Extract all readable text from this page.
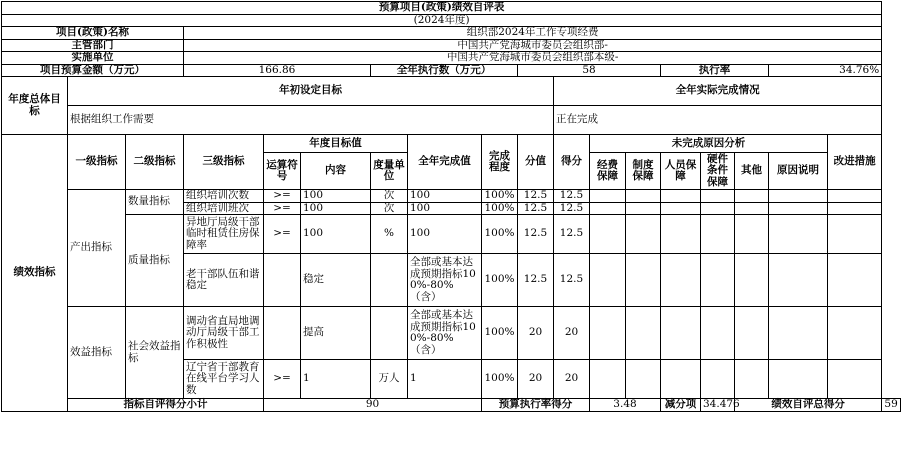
预算项目(政策)绩效自评表																		
(2024年度)																		
项目(政策)名称			组织部2024年工作专项经费															
主管部门			中国共产党海城市委员会组织部-															
实施单位			中国共产党海城市委员会组织部本级-															
项目预算金额（万元）			166.86			全年执行数（万元）			58				执行率			34.76%		
年度总体目标	年初设定目标									全年实际完成情况								
	根据组织工作需要									正在完成								
绩效指标	一级指标	二级指标	三级指标	年度目标值			全年完成值	完成程度	分值	得分	未完成原因分析						改进措施	
				运算符号	内容	度量单位					经费保障	制度保障	人员保障	硬件条件保障	其他	原因说明		
	产出指标	数量指标	组织培训次数	>=	100	次	100	100%	12.5	12.5								
			组织培训班次	>=	100	次	100	100%	12.5	12.5								
		质量指标	异地厅局级干部临时租赁住房保障率	>=	100	%	100	100%	12.5	12.5								
			老干部队伍和谐稳定		稳定		全部或基本达成预期指标100%-80%（含）	100%	12.5	12.5								
	效益指标	社会效益指标	调动省直局地调动厅局级干部工作积极性		提高		全部或基本达成预期指标100%-80%（含）	100%	20	20								
			辽宁省干部教育在线平台学习人数	>=	1	万人	1	100%	20	20								
	指标自评得分小计			90				预算执行率得分			3.48		减分项	34.476	绩效自评总得分			59
